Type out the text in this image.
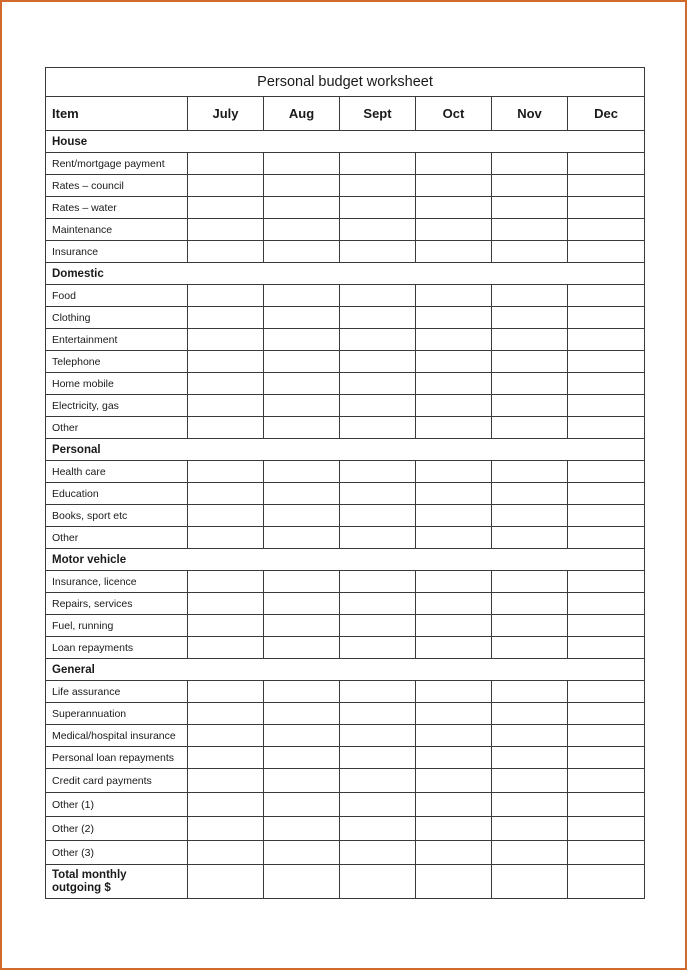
Personal budget worksheet						
Item	July	Aug	Sept	Oct	Nov	Dec
House						
Rent/mortgage payment						
Rates – council						
Rates – water						
Maintenance						
Insurance						
Domestic						
Food						
Clothing						
Entertainment						
Telephone						
Home mobile						
Electricity, gas						
Other						
Personal						
Health care						
Education						
Books, sport etc						
Other						
Motor vehicle						
Insurance, licence						
Repairs, services						
Fuel, running						
Loan repayments						
General						
Life assurance						
Superannuation						
Medical/hospital insurance						
Personal loan repayments						
Credit card payments						
Other (1)						
Other (2)						
Other (3)						

Total monthly
outgoing $						
